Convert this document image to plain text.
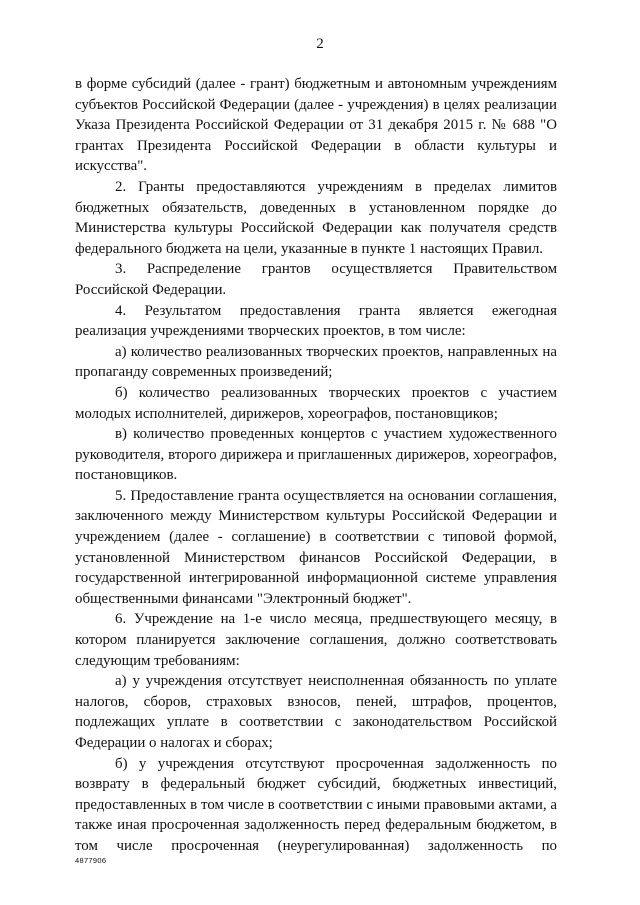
2

в форме субсидий (далее - грант) бюджетным и автономным учреждениям субъектов Российской Федерации (далее - учреждения) в целях реализации Указа Президента Российской Федерации от 31 декабря 2015 г. № 688 "О грантах Президента Российской Федерации в области культуры и искусства".

2. Гранты предоставляются учреждениям в пределах лимитов бюджетных обязательств, доведенных в установленном порядке до Министерства культуры Российской Федерации как получателя средств федерального бюджета на цели, указанные в пункте 1 настоящих Правил.

3. Распределение грантов осуществляется Правительством Российской Федерации.

4. Результатом предоставления гранта является ежегодная реализация учреждениями творческих проектов, в том числе:

а) количество реализованных творческих проектов, направленных на пропаганду современных произведений;

б) количество реализованных творческих проектов с участием молодых исполнителей, дирижеров, хореографов, постановщиков;

в) количество проведенных концертов с участием художественного руководителя, второго дирижера и приглашенных дирижеров, хореографов, постановщиков.

5. Предоставление гранта осуществляется на основании соглашения, заключенного между Министерством культуры Российской Федерации и учреждением (далее - соглашение) в соответствии с типовой формой, установленной Министерством финансов Российской Федерации, в государственной интегрированной информационной системе управления общественными финансами "Электронный бюджет".

6. Учреждение на 1-е число месяца, предшествующего месяцу, в котором планируется заключение соглашения, должно соответствовать следующим требованиям:

а) у учреждения отсутствует неисполненная обязанность по уплате налогов, сборов, страховых взносов, пеней, штрафов, процентов, подлежащих уплате в соответствии с законодательством Российской Федерации о налогах и сборах;

б) у учреждения отсутствуют просроченная задолженность по возврату в федеральный бюджет субсидий, бюджетных инвестиций, предоставленных в том числе в соответствии с иными правовыми актами, а также иная просроченная задолженность перед федеральным бюджетом, в том числе просроченная (неурегулированная) задолженность по

4877906
